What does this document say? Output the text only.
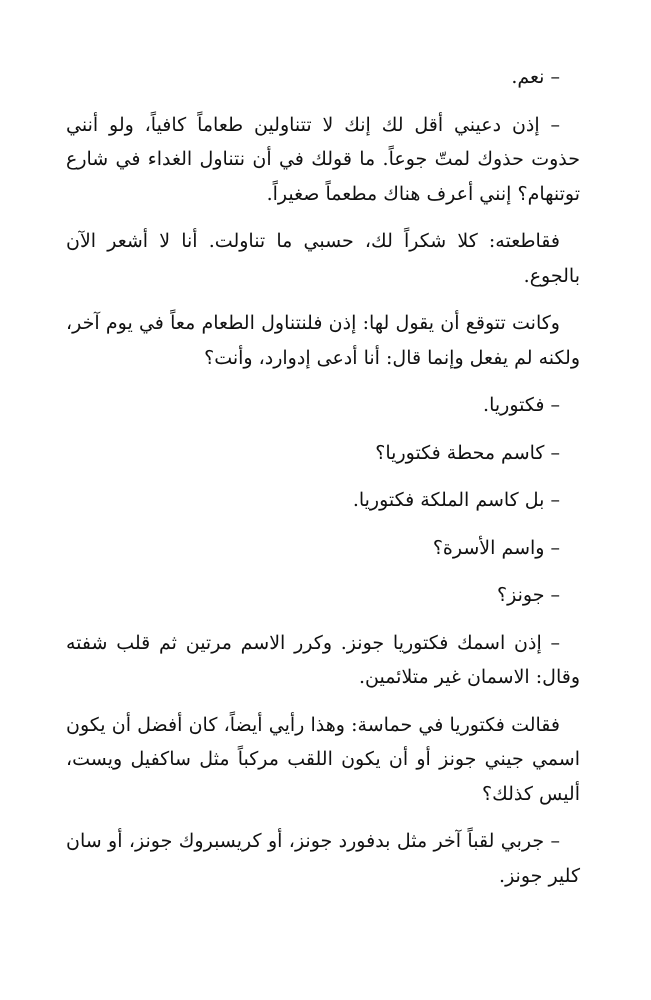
– نعم.

– إذن دعيني أقل لك إنك لا تتناولين طعاماً كافياً، ولو أنني حذوت حذوك لمتّ جوعاً. ما قولك في أن نتناول الغداء في شارع توتنهام؟ إنني أعرف هناك مطعماً صغيراً.

فقاطعته: كلا شكراً لك، حسبي ما تناولت. أنا لا أشعر الآن بالجوع.

وكانت تتوقع أن يقول لها: إذن فلنتناول الطعام معاً في يوم آخر، ولكنه لم يفعل وإنما قال: أنا أدعى إدوارد، وأنت؟

– فكتوريا.

– كاسم محطة فكتوريا؟

– بل كاسم الملكة فكتوريا.

– واسم الأسرة؟

– جونز؟

– إذن اسمك فكتوريا جونز. وكرر الاسم مرتين ثم قلب شفته وقال: الاسمان غير متلائمين.

فقالت فكتوريا في حماسة: وهذا رأيي أيضاً، كان أفضل أن يكون اسمي جيني جونز أو أن يكون اللقب مركباً مثل ساكفيل ويست، أليس كذلك؟

– جربي لقباً آخر مثل بدفورد جونز، أو كريسبروك جونز، أو سان كلير جونز.
